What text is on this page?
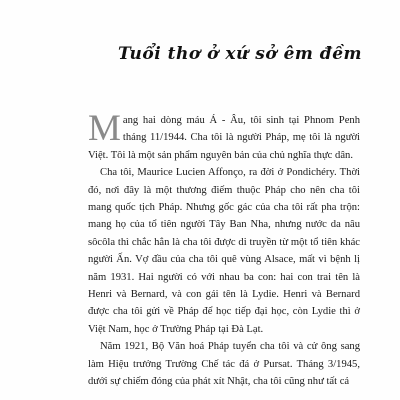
Tuổi thơ ở xứ sở êm đềm

Mang hai dòng máu Á - Âu, tôi sinh tại Phnom Penh tháng 11/1944. Cha tôi là người Pháp, mẹ tôi là người Việt. Tôi là một sản phẩm nguyên bản của chủ nghĩa thực dân.

Cha tôi, Maurice Lucien Affonço, ra đời ở Pondichéry. Thời đó, nơi đây là một thương điếm thuộc Pháp cho nên cha tôi mang quốc tịch Pháp. Nhưng gốc gác của cha tôi rất pha trộn: mang họ của tổ tiên người Tây Ban Nha, nhưng nước da nâu sôcôla thì chắc hẳn là cha tôi được di truyền từ một tổ tiên khác người Ấn. Vợ đầu của cha tôi quê vùng Alsace, mất vì bệnh lị năm 1931. Hai người có với nhau ba con: hai con trai tên là Henri và Bernard, và con gái tên là Lydie. Henri và Bernard được cha tôi gửi về Pháp để học tiếp đại học, còn Lydie thì ở Việt Nam, học ở Trường Pháp tại Đà Lạt.

Năm 1921, Bộ Văn hoá Pháp tuyển cha tôi và cử ông sang làm Hiệu trưởng Trường Chế tác đá ở Pursat. Tháng 3/1945, dưới sự chiếm đóng của phát xít Nhật, cha tôi cũng như tất cả
